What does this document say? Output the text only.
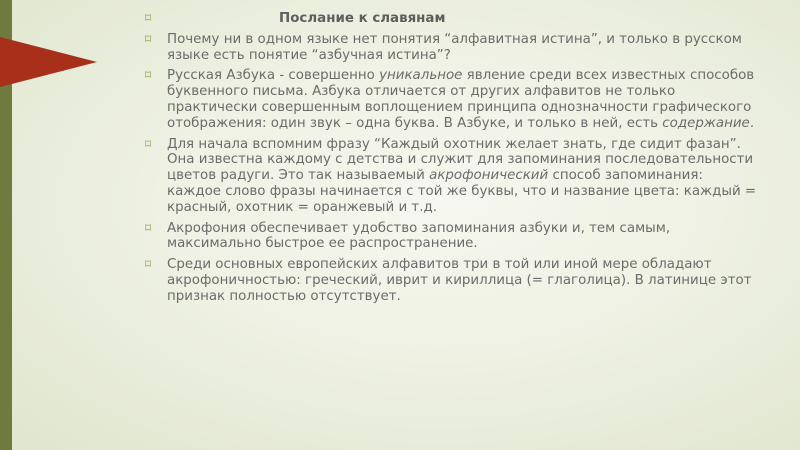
⌑	Послание к славянам
⌑ Почему ни в одном языке нет понятия “алфавитная истина”, и только в русском языке есть понятие “азбучная истина”?
⌑ Русская Азбука - совершенно уникальное явление среди всех известных способов буквенного письма. Азбука отличается от других алфавитов не только практически совершенным воплощением принципа однозначности графического отображения: один звук – одна буква. В Азбуке, и только в ней, есть содержание.
⌑ Для начала вспомним фразу “Каждый охотник желает знать, где сидит фазан”. Она известна каждому с детства и служит для запоминания последовательности цветов радуги. Это так называемый акрофонический способ запоминания: каждое слово фразы начинается с той же буквы, что и название цвета: каждый = красный, охотник = оранжевый и т.д.
⌑ Акрофония обеспечивает удобство запоминания азбуки и, тем самым, максимально быстрое ее распространение.
⌑ Среди основных европейских алфавитов три в той или иной мере обладают акрофоничностью: греческий, иврит и кириллица (= глаголица). В латинице этот признак полностью отсутствует.
